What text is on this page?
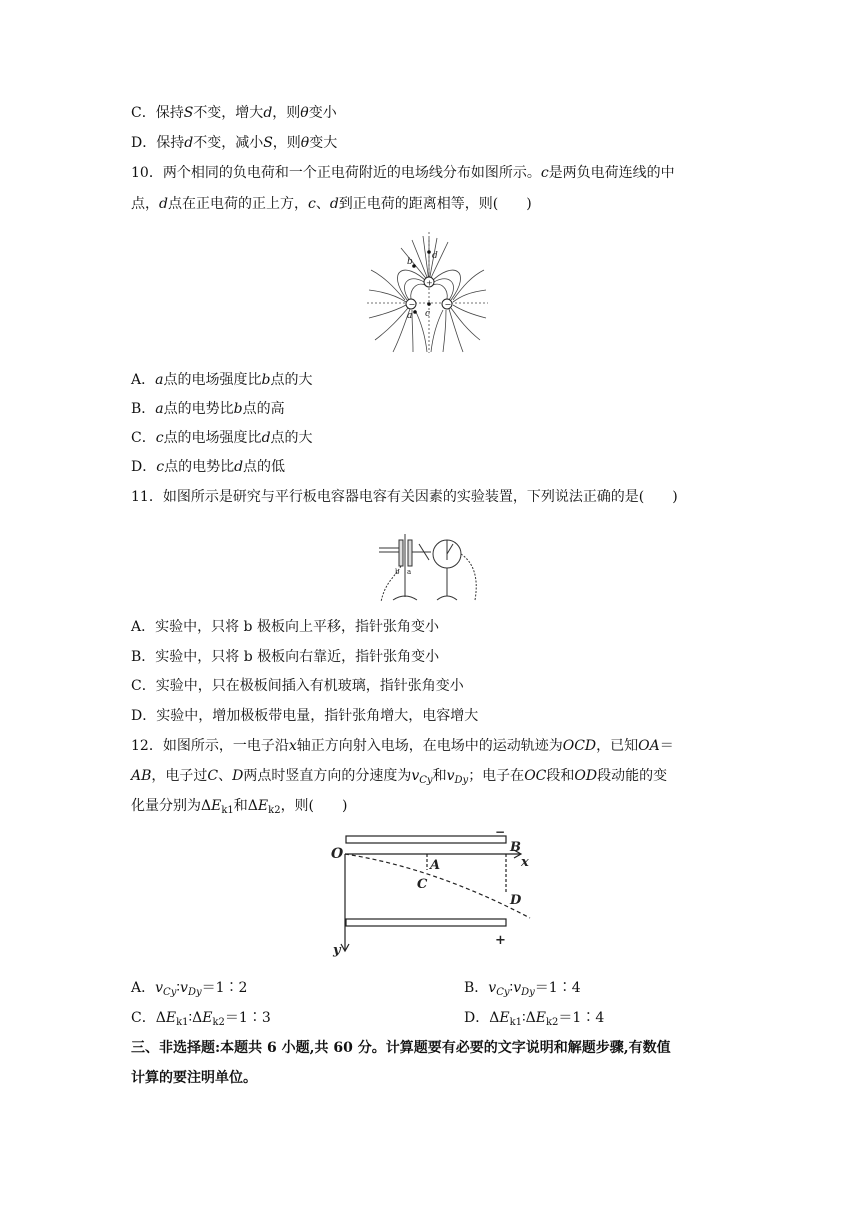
C．保持S不变，增大d，则θ变小
D．保持d不变，减小S，则θ变大
10．两个相同的负电荷和一个正电荷附近的电场线分布如图所示。c是两负电荷连线的中
点，d点在正电荷的正上方，c、d到正电荷的距离相等，则(　　)
+
−	−
d
b
c
a
A．a点的电场强度比b点的大
B．a点的电势比b点的高
C．c点的电场强度比d点的大
D．c点的电势比d点的低
11．如图所示是研究与平行板电容器电容有关因素的实验装置，下列说法正确的是(　　)
b a
A．实验中，只将 b 极板向上平移，指针张角变小
B．实验中，只将 b 极板向右靠近，指针张角变小
C．实验中，只在极板间插入有机玻璃，指针张角变小
D．实验中，增加极板带电量，指针张角增大，电容增大
12．如图所示，一电子沿x轴正方向射入电场，在电场中的运动轨迹为OCD，已知OA＝
AB，电子过C、D两点时竖直方向的分速度为$v_{Cy}$和$v_{Dy}$；电子在OC段和OD段动能的变
化量分别为$\Delta E_{k1}$和$\Delta E_{k2}$，则(　　)
O	B
x
A
C
D
y
−
+
A．$v_{Cy}∶v_{Dy}=1∶2$	B．$v_{Cy}∶v_{Dy}=1∶4$
C．$\Delta E_{k1}∶\Delta E_{k2}=1∶3$	D．$\Delta E_{k1}∶\Delta E_{k2}=1∶4$
三、非选择题:本题共 6 小题,共 60 分。计算题要有必要的文字说明和解题步骤,有数值
计算的要注明单位。
